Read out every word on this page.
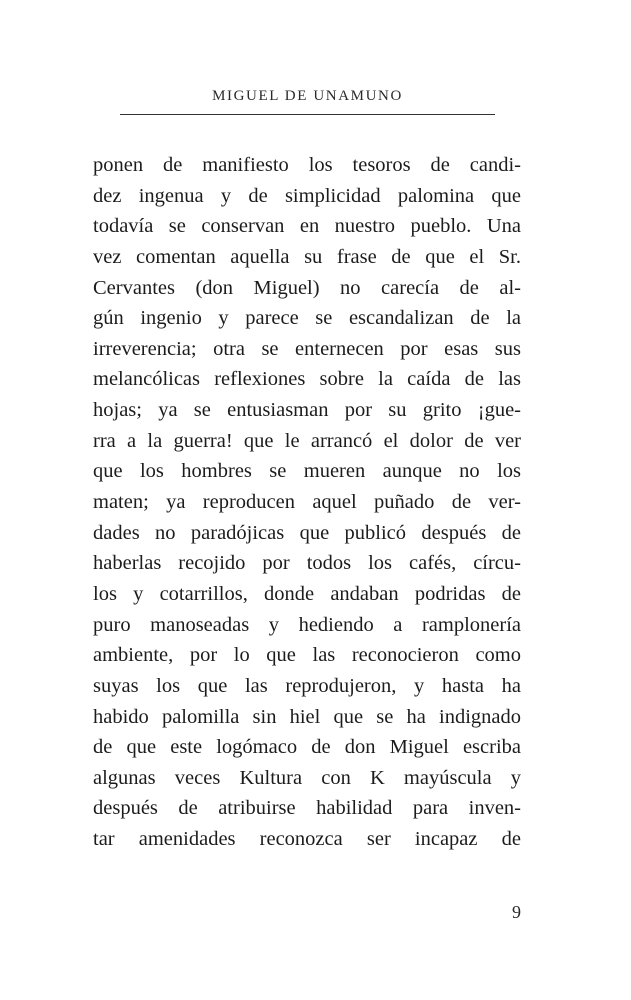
MIGUEL DE UNAMUNO
ponen de manifiesto los tesoros de candi-
dez ingenua y de simplicidad palomina que
todavía se conservan en nuestro pueblo. Una
vez comentan aquella su frase de que el Sr.
Cervantes (don Miguel) no carecía de al-
gún ingenio y parece se escandalizan de la
irreverencia; otra se enternecen por esas sus
melancólicas reflexiones sobre la caída de las
hojas; ya se entusiasman por su grito ¡gue-
rra a la guerra! que le arrancó el dolor de ver
que los hombres se mueren aunque no los
maten; ya reproducen aquel puñado de ver-
dades no paradójicas que publicó después de
haberlas recojido por todos los cafés, círcu-
los y cotarrillos, donde andaban podridas de
puro manoseadas y hediendo a ramplonería
ambiente, por lo que las reconocieron como
suyas los que las reprodujeron, y hasta ha
habido palomilla sin hiel que se ha indignado
de que este logómaco de don Miguel escriba
algunas veces Kultura con K mayúscula y
después de atribuirse habilidad para inven-
tar amenidades reconozca ser incapaz de
9
